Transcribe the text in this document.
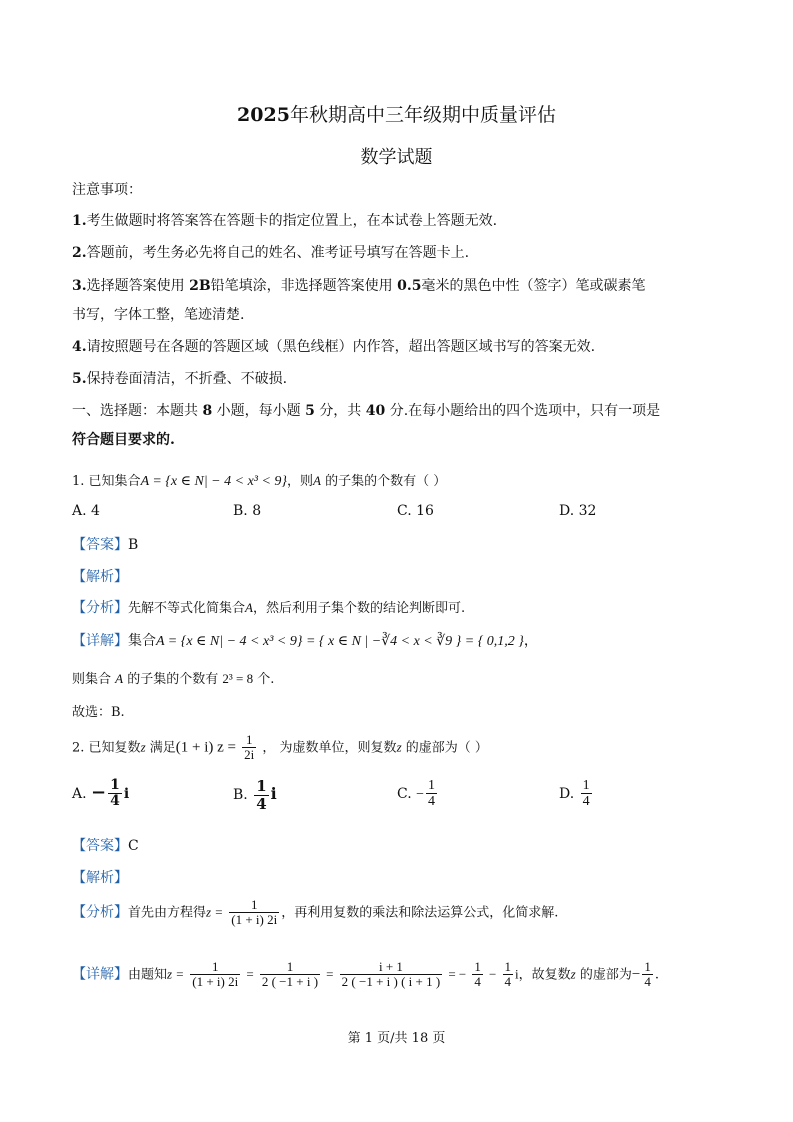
2025年秋期高中三年级期中质量评估
数学试题
注意事项：
1.考生做题时将答案答在答题卡的指定位置上，在本试卷上答题无效.
2.答题前，考生务必先将自己的姓名、准考证号填写在答题卡上.
3.选择题答案使用 2B铅笔填涂，非选择题答案使用 0.5毫米的黑色中性（签字）笔或碳素笔
书写，字体工整，笔迹清楚.
4.请按照题号在各题的答题区域（黑色线框）内作答，超出答题区域书写的答案无效.
5.保持卷面清洁，不折叠、不破损.
一、选择题：本题共 8 小题，每小题 5 分，共 40 分.在每小题给出的四个选项中，只有一项是
符合题目要求的.
1. 已知集合A = {x ∈ N| − 4 < x³ < 9}，则A 的子集的个数有（ ）
A. 4	B. 8	C. 16	D. 32
【答案】B
【解析】
【分析】先解不等式化简集合A，然后利用子集个数的结论判断即可.
【详解】集合A = {x ∈ N| − 4 < x³ < 9} = { x ∈ N | −∛4 < x < ∛9 } = { 0,1,2 }，
则集合 A 的子集的个数有 2³ = 8 个.
故选：B.
2. 已知复数z 满足(1 + i) $z = \frac{1}{2i}$ ， 为虚数单位，则复数z 的虚部为（ ）
A. − $\frac{1}{4}$ i	B. $\frac{1}{4}$ i	C. − $\frac{1}{4}$	D. $\frac{1}{4}$
【答案】C
【解析】
【分析】首先由方程得$z = \frac{1}{(1 + i) 2i}$ ，再利用复数的乘法和除法运算公式，化简求解.
【详解】由题知$z = \frac{1}{(1 + i) 2i} = \frac{1}{2 ( -1 + i )} = \frac{i + 1}{2 ( -1 + i ) ( i + 1 )}$ = − $\frac{1}{4} - \frac{1}{4}$ i，故复数z 的虚部为− $\frac{1}{4}$ .
第 1 页/共 18 页
